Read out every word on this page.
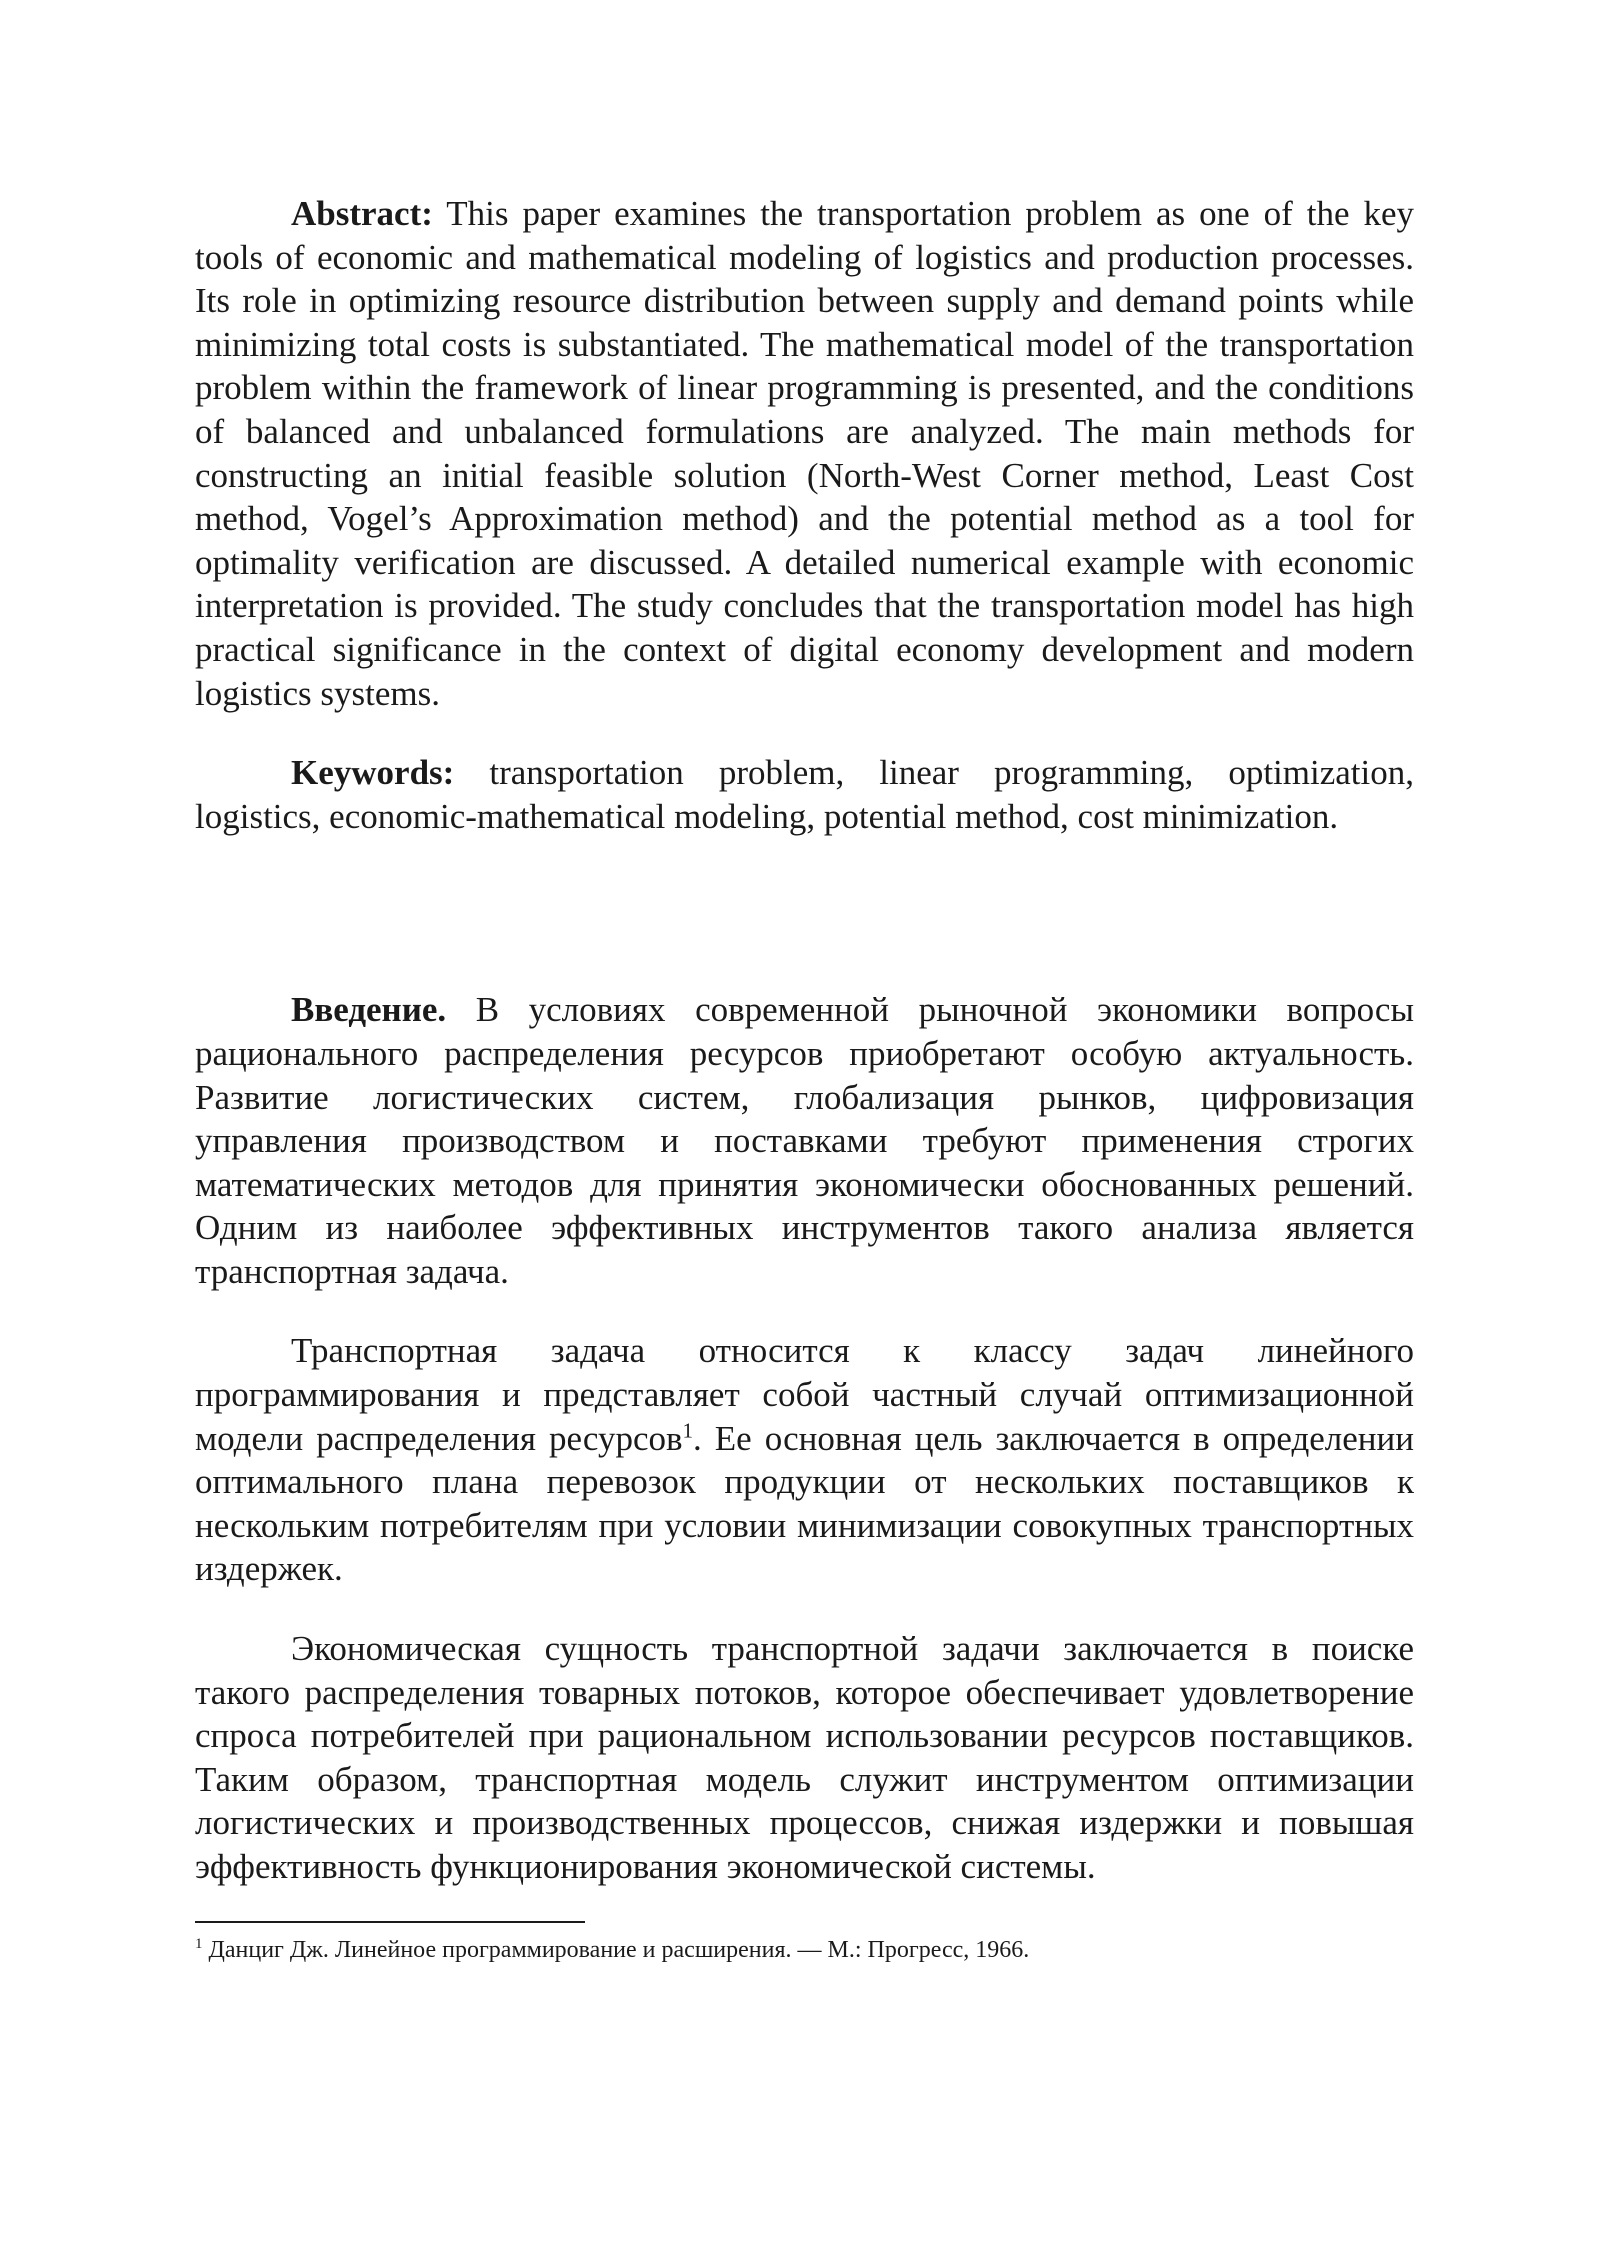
Abstract: This paper examines the transportation problem as one of the key tools of economic and mathematical modeling of logistics and production processes. Its role in optimizing resource distribution between supply and demand points while minimizing total costs is substantiated. The mathematical model of the transportation problem within the framework of linear programming is presented, and the conditions of balanced and unbalanced formulations are analyzed. The main methods for constructing an initial feasible solution (North-West Corner method, Least Cost method, Vogel’s Approximation method) and the potential method as a tool for optimality verification are discussed. A detailed numerical example with economic interpretation is provided. The study concludes that the transportation model has high practical significance in the context of digital economy development and modern logistics systems.

Keywords: transportation problem, linear programming, optimization, logistics, economic-mathematical modeling, potential method, cost minimization.

Введение. В условиях современной рыночной экономики вопросы рационального распределения ресурсов приобретают особую актуальность. Развитие логистических систем, глобализация рынков, цифровизация управления производством и поставками требуют применения строгих математических методов для принятия экономически обоснованных решений. Одним из наиболее эффективных инструментов такого анализа является транспортная задача.

Транспортная задача относится к классу задач линейного программирования и представляет собой частный случай оптимизационной модели распределения ресурсов$^1$. Ее основная цель заключается в определении оптимального плана перевозок продукции от нескольких поставщиков к нескольким потребителям при условии минимизации совокупных транспортных издержек.

Экономическая сущность транспортной задачи заключается в поиске такого распределения товарных потоков, которое обеспечивает удовлетворение спроса потребителей при рациональном использовании ресурсов поставщиков. Таким образом, транспортная модель служит инструментом оптимизации логистических и производственных процессов, снижая издержки и повышая эффективность функционирования экономической системы.

$^1$ Данциг Дж. Линейное программирование и расширения. — М.: Прогресс, 1966.
